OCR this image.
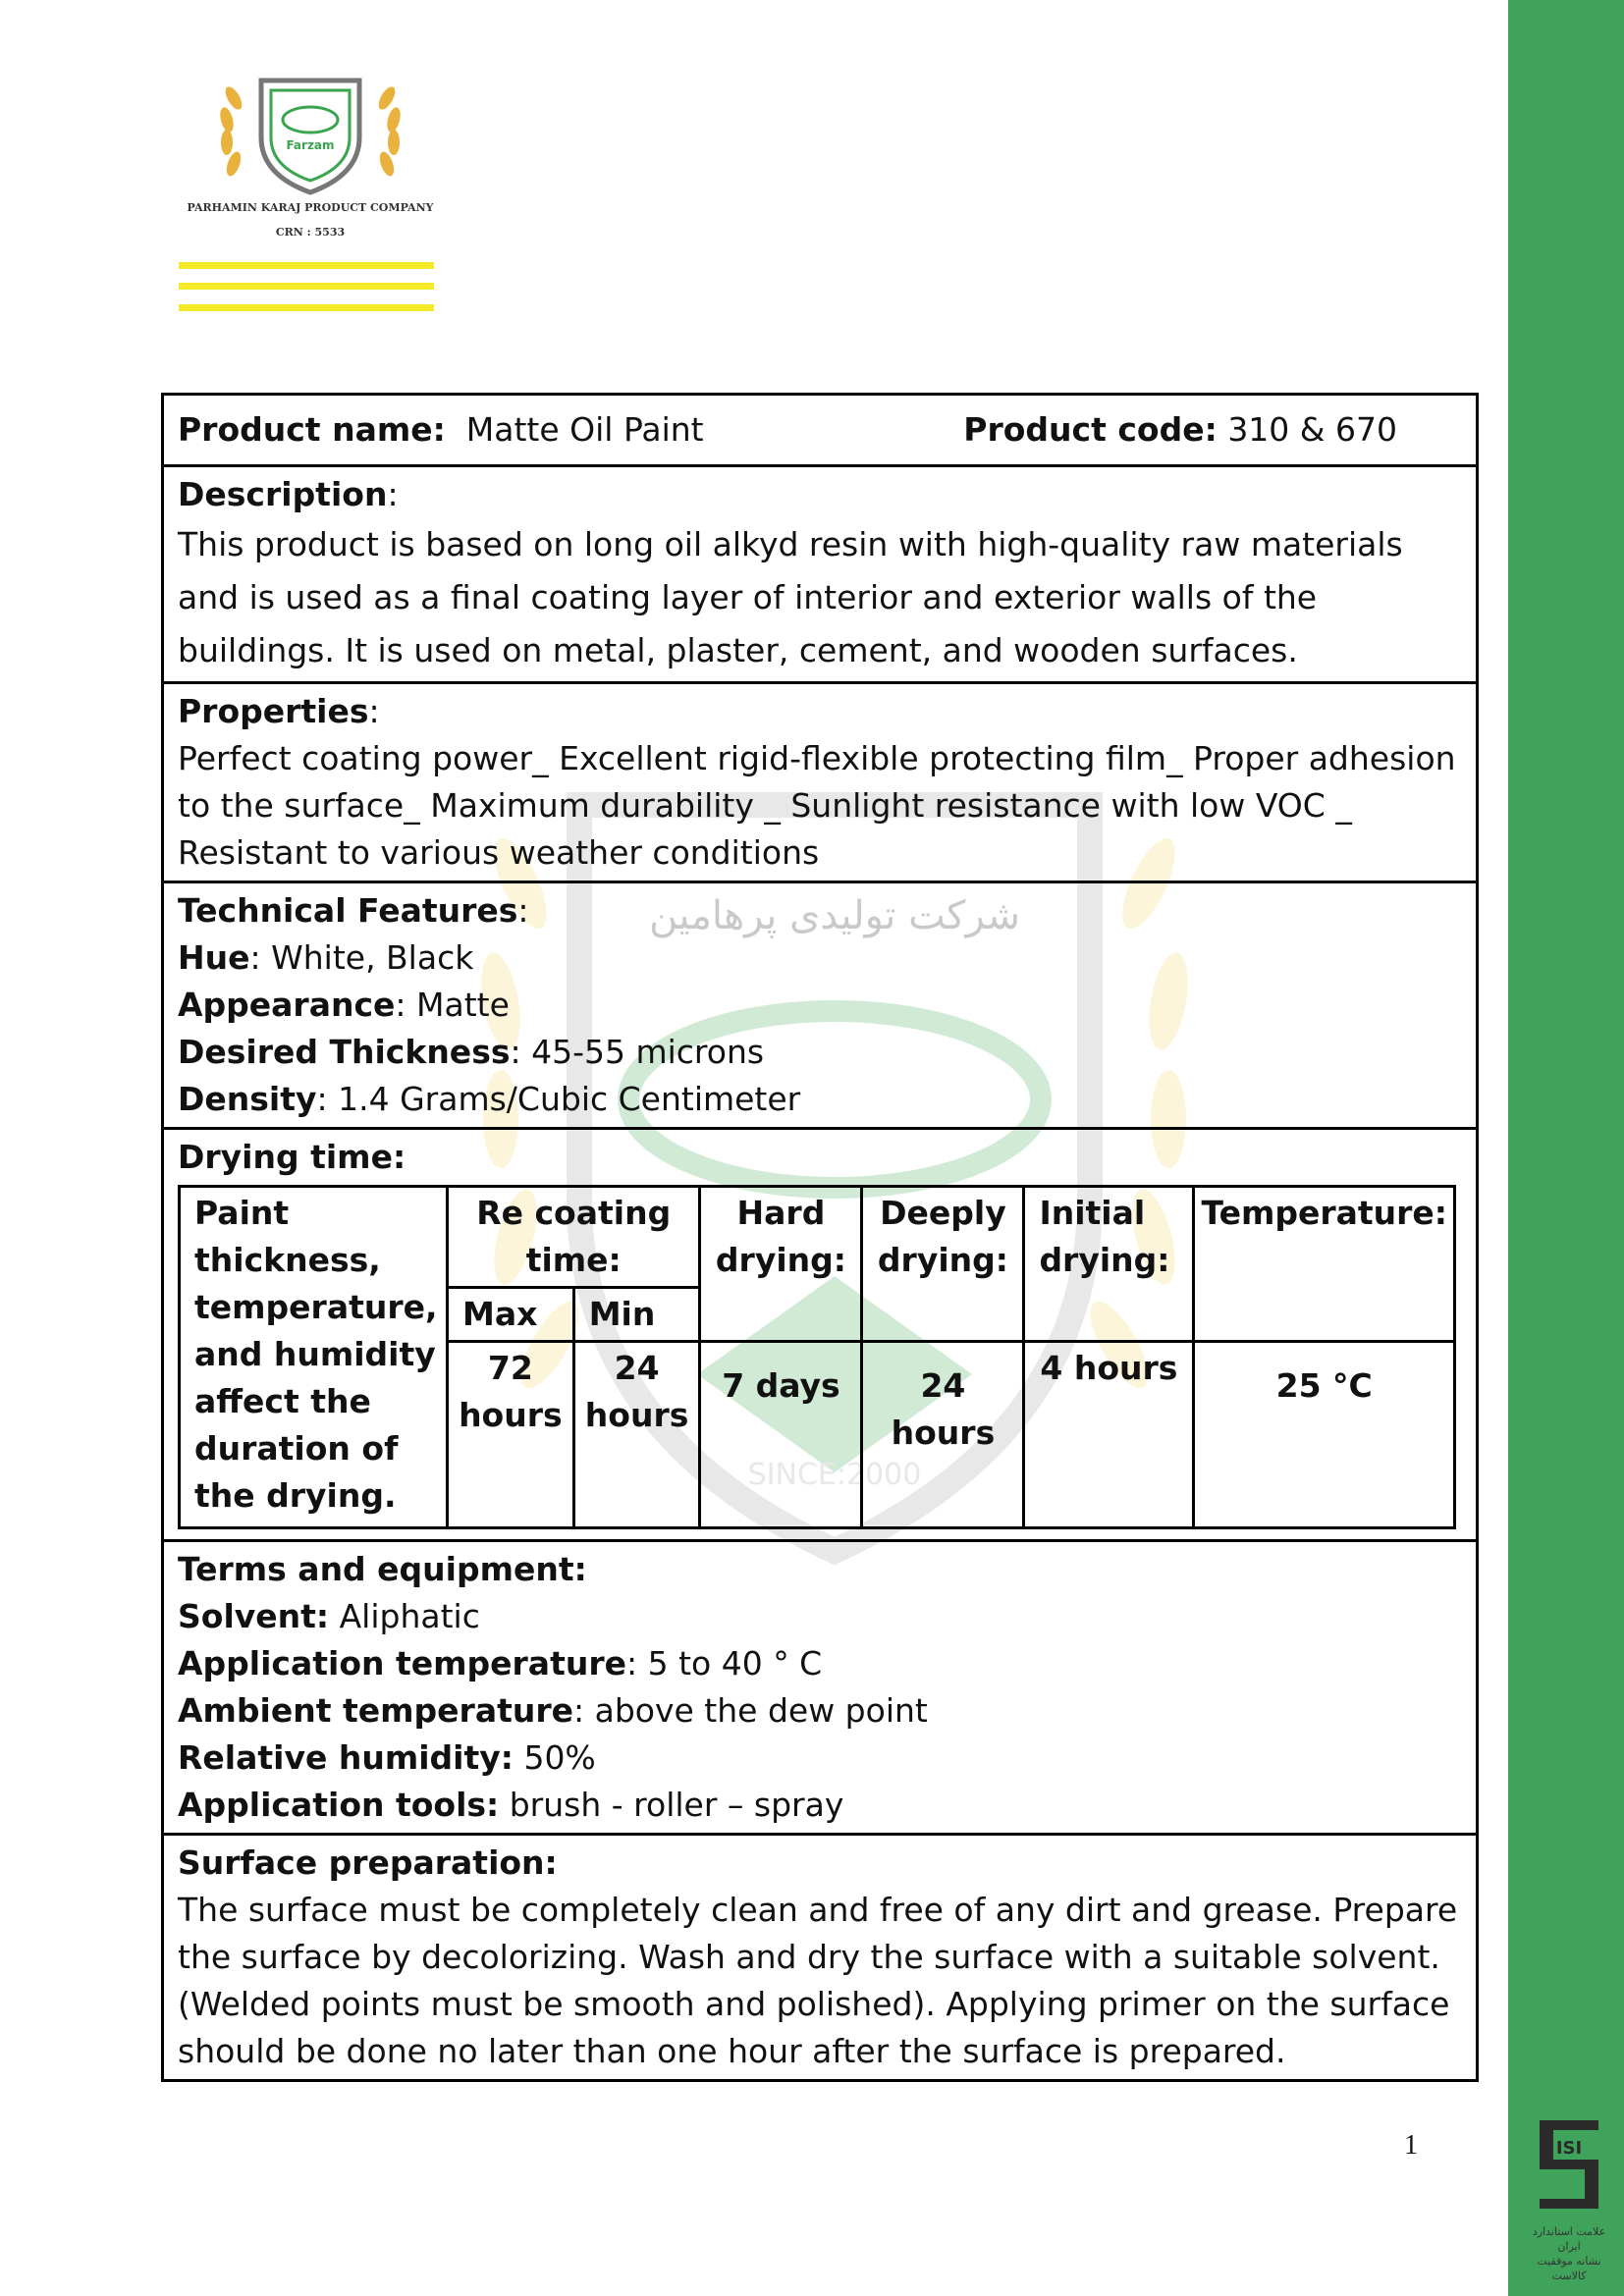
Farzam
PARHAMIN KARAJ PRODUCT COMPANY
CRN : 5533
شرکت تولیدی پرهامین
SINCE:2000
Product name: Matte Oil Paint	Product code: 310 & 670
Description:
This product is based on long oil alkyd resin with high-quality raw materials and is used as a final coating layer of interior and exterior walls of the buildings. It is used on metal, plaster, cement, and wooden surfaces.
Properties:
Perfect coating power_ Excellent rigid-flexible protecting film_ Proper adhesion to the surface_ Maximum durability _ Sunlight resistance with low VOC _ Resistant to various weather conditions
Technical Features:
Hue: White, Black
Appearance: Matte
Desired Thickness: 45-55 microns
Density: 1.4 Grams/Cubic Centimeter
Drying time:
Paint thickness, temperature, and humidity affect the duration of the drying.	Re coating time:		Hard drying:	Deeply drying:	Initial drying:	Temperature:
	Max	Min				
	72 hours	24 hours	7 days	24 hours	4 hours	25 °C
Terms and equipment:
Solvent: Aliphatic
Application temperature: 5 to 40 ° C
Ambient temperature: above the dew point
Relative humidity: 50%
Application tools: brush - roller – spray
Surface preparation:
The surface must be completely clean and free of any dirt and grease. Prepare the surface by decolorizing. Wash and dry the surface with a suitable solvent. (Welded points must be smooth and polished). Applying primer on the surface should be done no later than one hour after the surface is prepared.
1	ISI
علامت استاندارد ایران
نشانه موفقیت کالاست
